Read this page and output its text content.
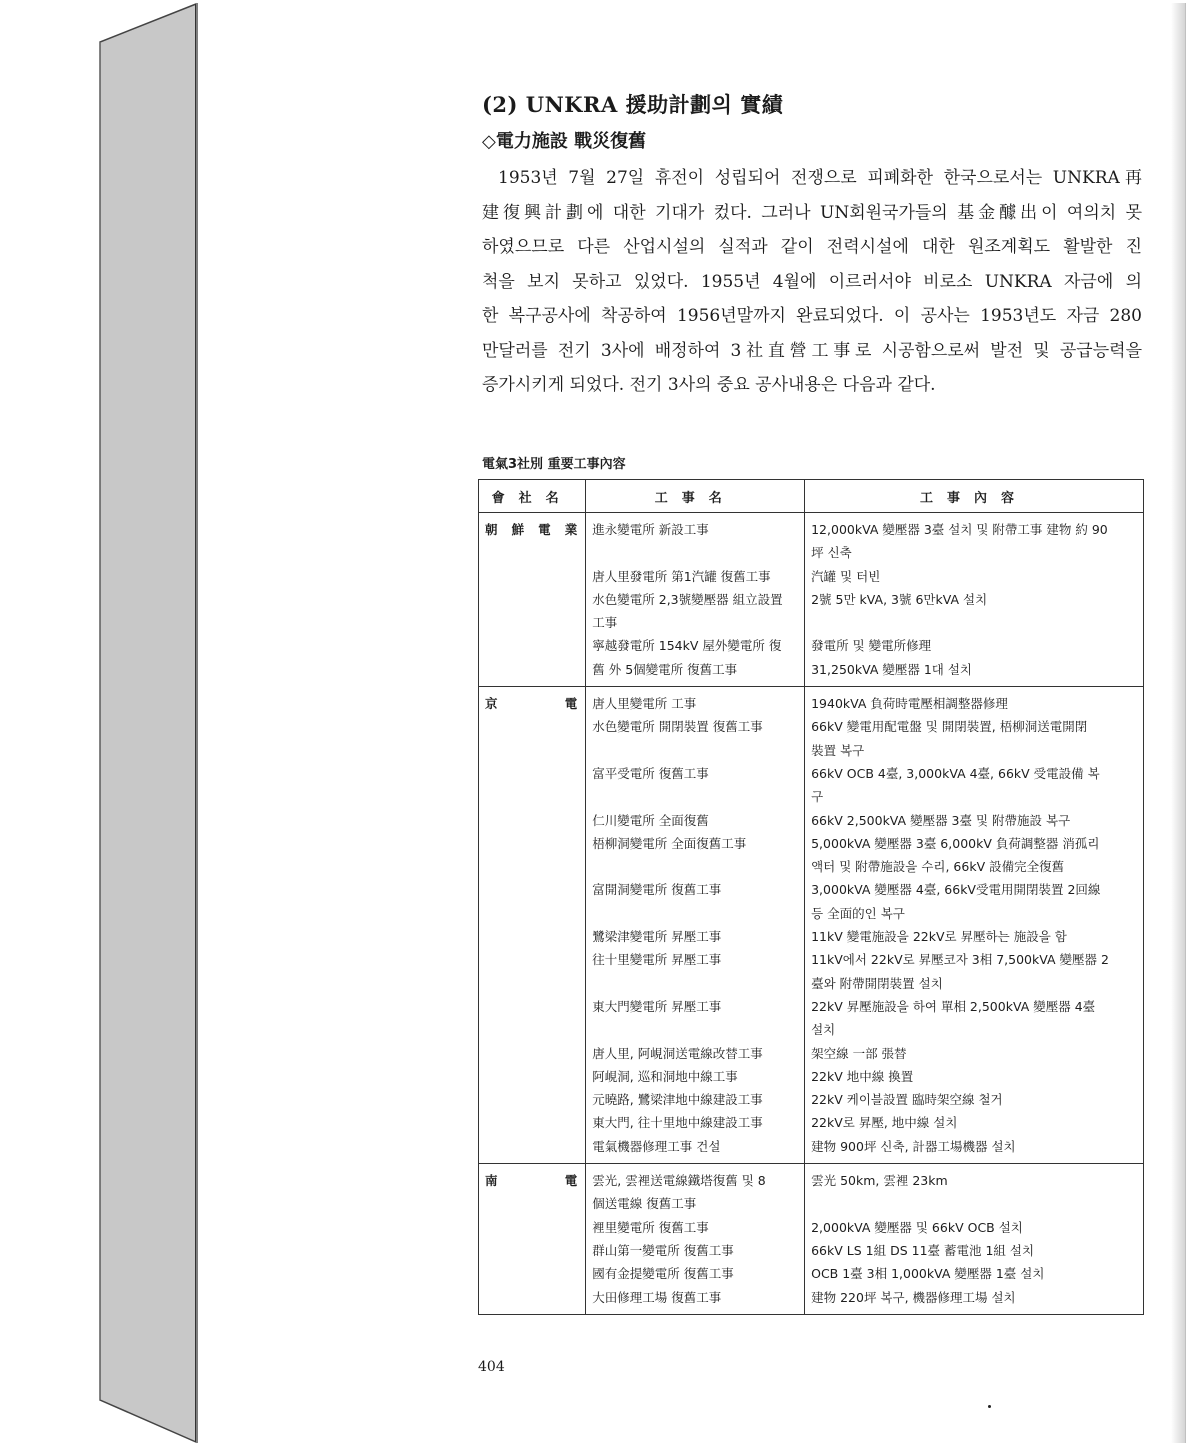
(2) UNKRA 援助計劃의 實績
◇電力施設 戰災復舊

1953년 7월 27일 휴전이 성립되어 전쟁으로 피폐화한 한국으로서는 UNKRA再
建復興計劃에 대한 기대가 컸다. 그러나 UN회원국가들의 基金醵出이 여의치 못
하였으므로 다른 산업시설의 실적과 같이 전력시설에 대한 원조계획도 활발한 진
척을 보지 못하고 있었다. 1955년 4월에 이르러서야 비로소 UNKRA 자금에 의
한 복구공사에 착공하여 1956년말까지 완료되었다. 이 공사는 1953년도 자금 280
만달러를 전기 3사에 배정하여 3社直營工事로 시공함으로써 발전 및 공급능력을
증가시키게 되었다. 전기 3사의 중요 공사내용은 다음과 같다.

電氣3社別 重要工事內容

會社名	工事名	工事內容

朝鮮電業	進永變電所 新設工事	12,000kVA 變壓器 3臺 설치 및 附帶工事 建物 約 90
坪 신축

	唐人里發電所 第1汽罐 復舊工事	汽罐 및 터빈

	水色變電所 2,3號變壓器 組立設置
工事	2號 5만 kVA, 3號 6만kVA 설치

	寧越發電所 154kV 屋外變電所 復	發電所 및 變電所修理

	舊 外 5個變電所 復舊工事	31,250kVA 變壓器 1대 설치

京電	唐人里變電所 工事	1940kVA 負荷時電壓相調整器修理

	水色變電所 開閉裝置 復舊工事	66kV 變電用配電盤 및 開閉裝置, 梧柳洞送電開閉
裝置 복구

	富平受電所 復舊工事	66kV OCB 4臺, 3,000kVA 4臺, 66kV 受電設備 복
구

	仁川變電所 全面復舊	66kV 2,500kVA 變壓器 3臺 및 附帶施設 복구

	梧柳洞變電所 全面復舊工事	5,000kVA 變壓器 3臺 6,000kV 負荷調整器 消孤리
액터 및 附帶施設을 수리, 66kV 設備完全復舊

	富開洞變電所 復舊工事	3,000kVA 變壓器 4臺, 66kV受電用開閉裝置 2回線
등 全面的인 복구

	鷺梁津變電所 昇壓工事	11kV 變電施設을 22kV로 昇壓하는 施設을 함

	往十里變電所 昇壓工事	11kV에서 22kV로 昇壓코자 3相 7,500kVA 變壓器 2
臺와 附帶開閉裝置 설치

	東大門變電所 昇壓工事	22kV 昇壓施設을 하여 單相 2,500kVA 變壓器 4臺
설치

	唐人里, 阿峴洞送電線改替工事	架空線 一部 張替

	阿峴洞, 巡和洞地中線工事	22kV 地中線 換置

	元曉路, 鷺梁津地中線建設工事	22kV 케이블設置 臨時架空線 철거

	東大門, 往十里地中線建設工事	22kV로 昇壓, 地中線 설치

	電氣機器修理工事 건설	建物 900坪 신축, 計器工場機器 설치

南電	雲光, 雲裡送電線鐵塔復舊 및 8
個送電線 復舊工事	雲光 50km, 雲裡 23km

	裡里變電所 復舊工事	2,000kVA 變壓器 및 66kV OCB 설치

	群山第一變電所 復舊工事	66kV LS 1組 DS 11臺 蓄電池 1組 설치

	國有金提變電所 復舊工事	OCB 1臺 3相 1,000kVA 變壓器 1臺 설치

	大田修理工場 復舊工事	建物 220坪 복구, 機器修理工場 설치

404
